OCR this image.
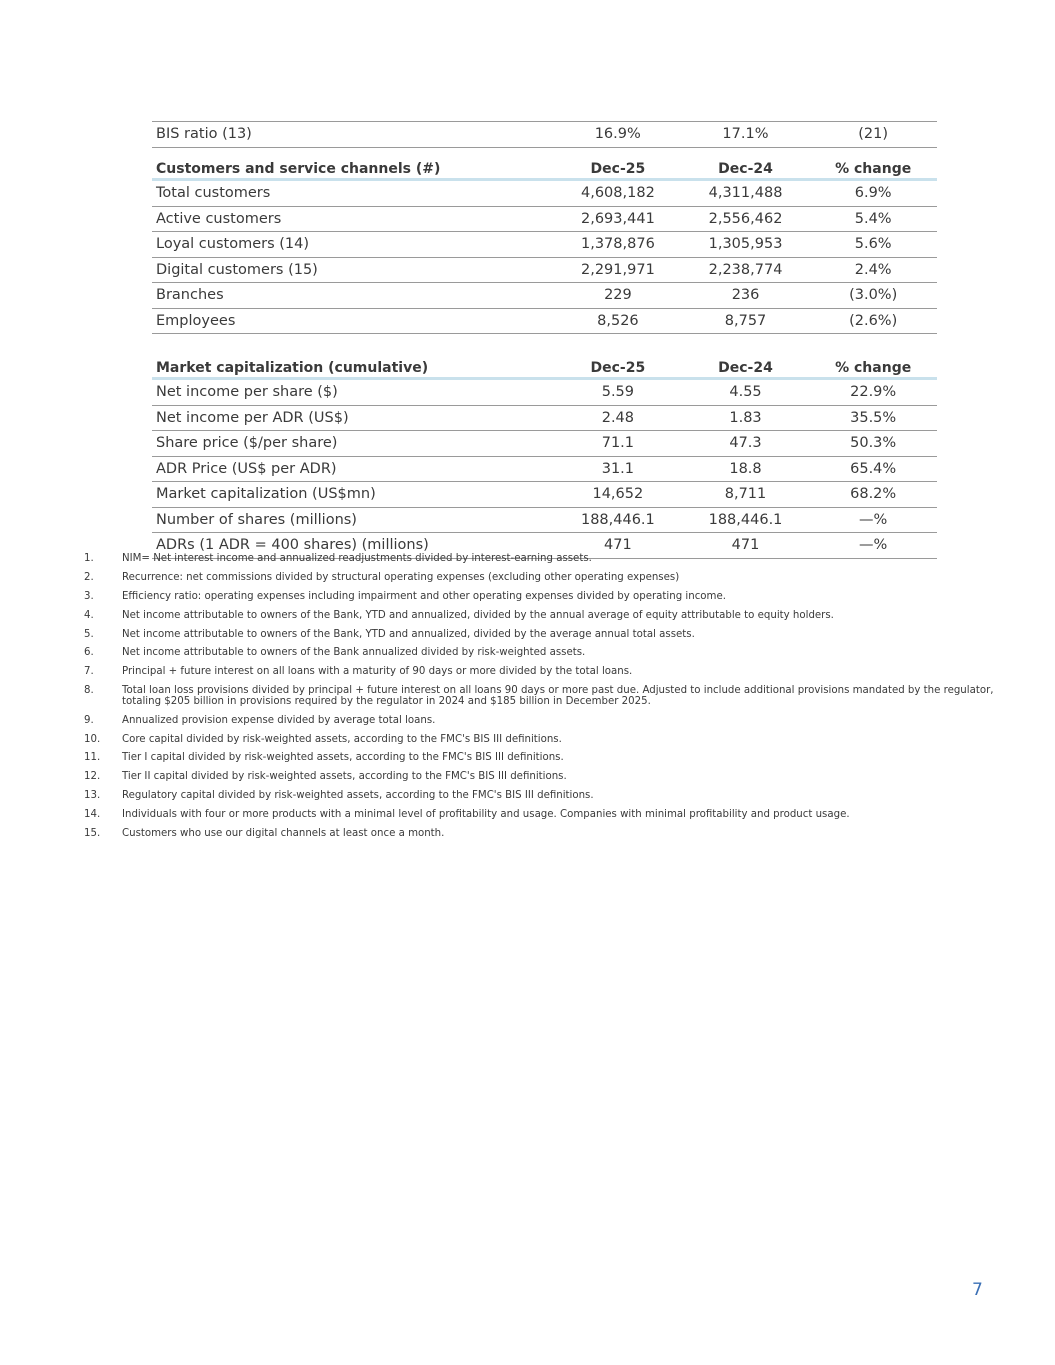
BIS ratio (13)	16.9%	17.1%	(21)
Customers and service channels (#)	Dec-25	Dec-24	% change
Total customers	4,608,182	4,311,488	6.9%
Active customers	2,693,441	2,556,462	5.4%
Loyal customers (14)	1,378,876	1,305,953	5.6%
Digital customers (15)	2,291,971	2,238,774	2.4%
Branches	229	236	(3.0%)
Employees	8,526	8,757	(2.6%)
Market capitalization (cumulative)	Dec-25	Dec-24	% change
Net income per share ($)	5.59	4.55	22.9%
Net income per ADR (US$)	2.48	1.83	35.5%
Share price ($/per share)	71.1	47.3	50.3%
ADR Price (US$ per ADR)	31.1	18.8	65.4%
Market capitalization (US$mn)	14,652	8,711	68.2%
Number of shares (millions)	188,446.1	188,446.1	—%
ADRs (1 ADR = 400 shares) (millions)	471	471	—%
1.	NIM= Net interest income and annualized readjustments divided by interest-earning assets.
2.	Recurrence: net commissions divided by structural operating expenses (excluding other operating expenses)
3.	Efficiency ratio: operating expenses including impairment and other operating expenses divided by operating income.
4.	Net income attributable to owners of the Bank, YTD and annualized, divided by the annual average of equity attributable to equity holders.
5.	Net income attributable to owners of the Bank, YTD and annualized, divided by the average annual total assets.
6.	Net income attributable to owners of the Bank annualized divided by risk-weighted assets.
7.	Principal + future interest on all loans with a maturity of 90 days or more divided by the total loans.
8.	Total loan loss provisions divided by principal + future interest on all loans 90 days or more past due. Adjusted to include additional provisions mandated by the regulator, totaling $205 billion in provisions required by the regulator in 2024 and $185 billion in December 2025.
9.	Annualized provision expense divided by average total loans.
10.	Core capital divided by risk-weighted assets, according to the FMC's BIS III definitions.
11.	Tier I capital divided by risk-weighted assets, according to the FMC's BIS III definitions.
12.	Tier II capital divided by risk-weighted assets, according to the FMC's BIS III definitions.
13.	Regulatory capital divided by risk-weighted assets, according to the FMC's BIS III definitions.
14.	Individuals with four or more products with a minimal level of profitability and usage. Companies with minimal profitability and product usage.
15.	Customers who use our digital channels at least once a month.
7
